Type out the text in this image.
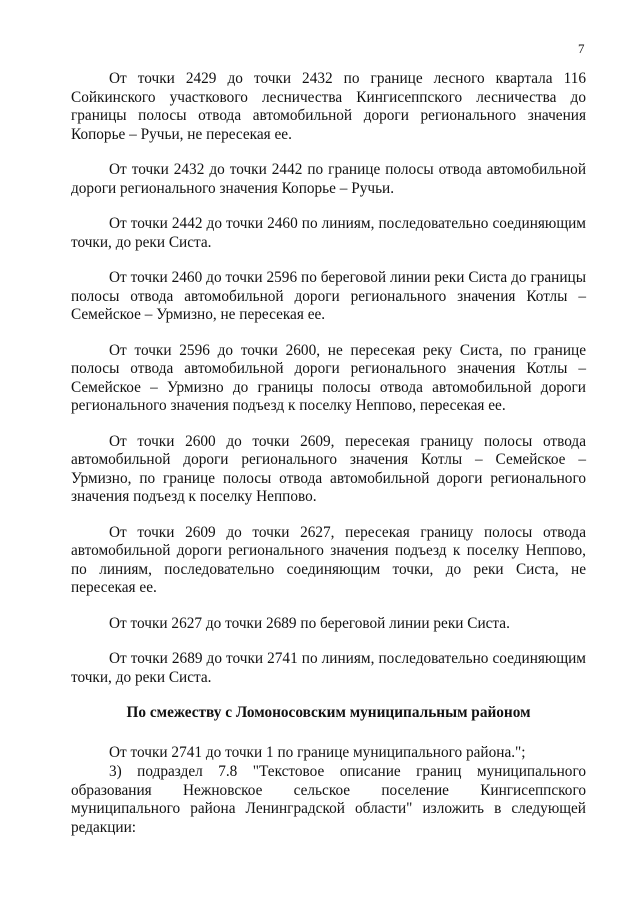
7

От точки 2429 до точки 2432 по границе лесного квартала 116 Сойкинского участкового лесничества Кингисеппского лесничества до границы полосы отвода автомобильной дороги регионального значения Копорье – Ручьи, не пересекая ее.

От точки 2432 до точки 2442 по границе полосы отвода автомобильной дороги регионального значения Копорье – Ручьи.

От точки 2442 до точки 2460 по линиям, последовательно соединяющим точки, до реки Систа.

От точки 2460 до точки 2596 по береговой линии реки Систа до границы полосы отвода автомобильной дороги регионального значения Котлы – Семейское – Урмизно, не пересекая ее.

От точки 2596 до точки 2600, не пересекая реку Систа, по границе полосы отвода автомобильной дороги регионального значения Котлы – Семейское – Урмизно до границы полосы отвода автомобильной дороги регионального значения подъезд к поселку Неппово, пересекая ее.

От точки 2600 до точки 2609, пересекая границу полосы отвода автомобильной дороги регионального значения Котлы – Семейское – Урмизно, по границе полосы отвода автомобильной дороги регионального значения подъезд к поселку Неппово.

От точки 2609 до точки 2627, пересекая границу полосы отвода автомобильной дороги регионального значения подъезд к поселку Неппово, по линиям, последовательно соединяющим точки, до реки Систа, не пересекая ее.

От точки 2627 до точки 2689 по береговой линии реки Систа.

От точки 2689 до точки 2741 по линиям, последовательно соединяющим точки, до реки Систа.

По смежеству с Ломоносовским муниципальным районом

От точки 2741 до точки 1 по границе муниципального района.";

3) подраздел 7.8 "Текстовое описание границ муниципального образования Нежновское сельское поселение Кингисеппского муниципального района Ленинградской области" изложить в следующей редакции:
